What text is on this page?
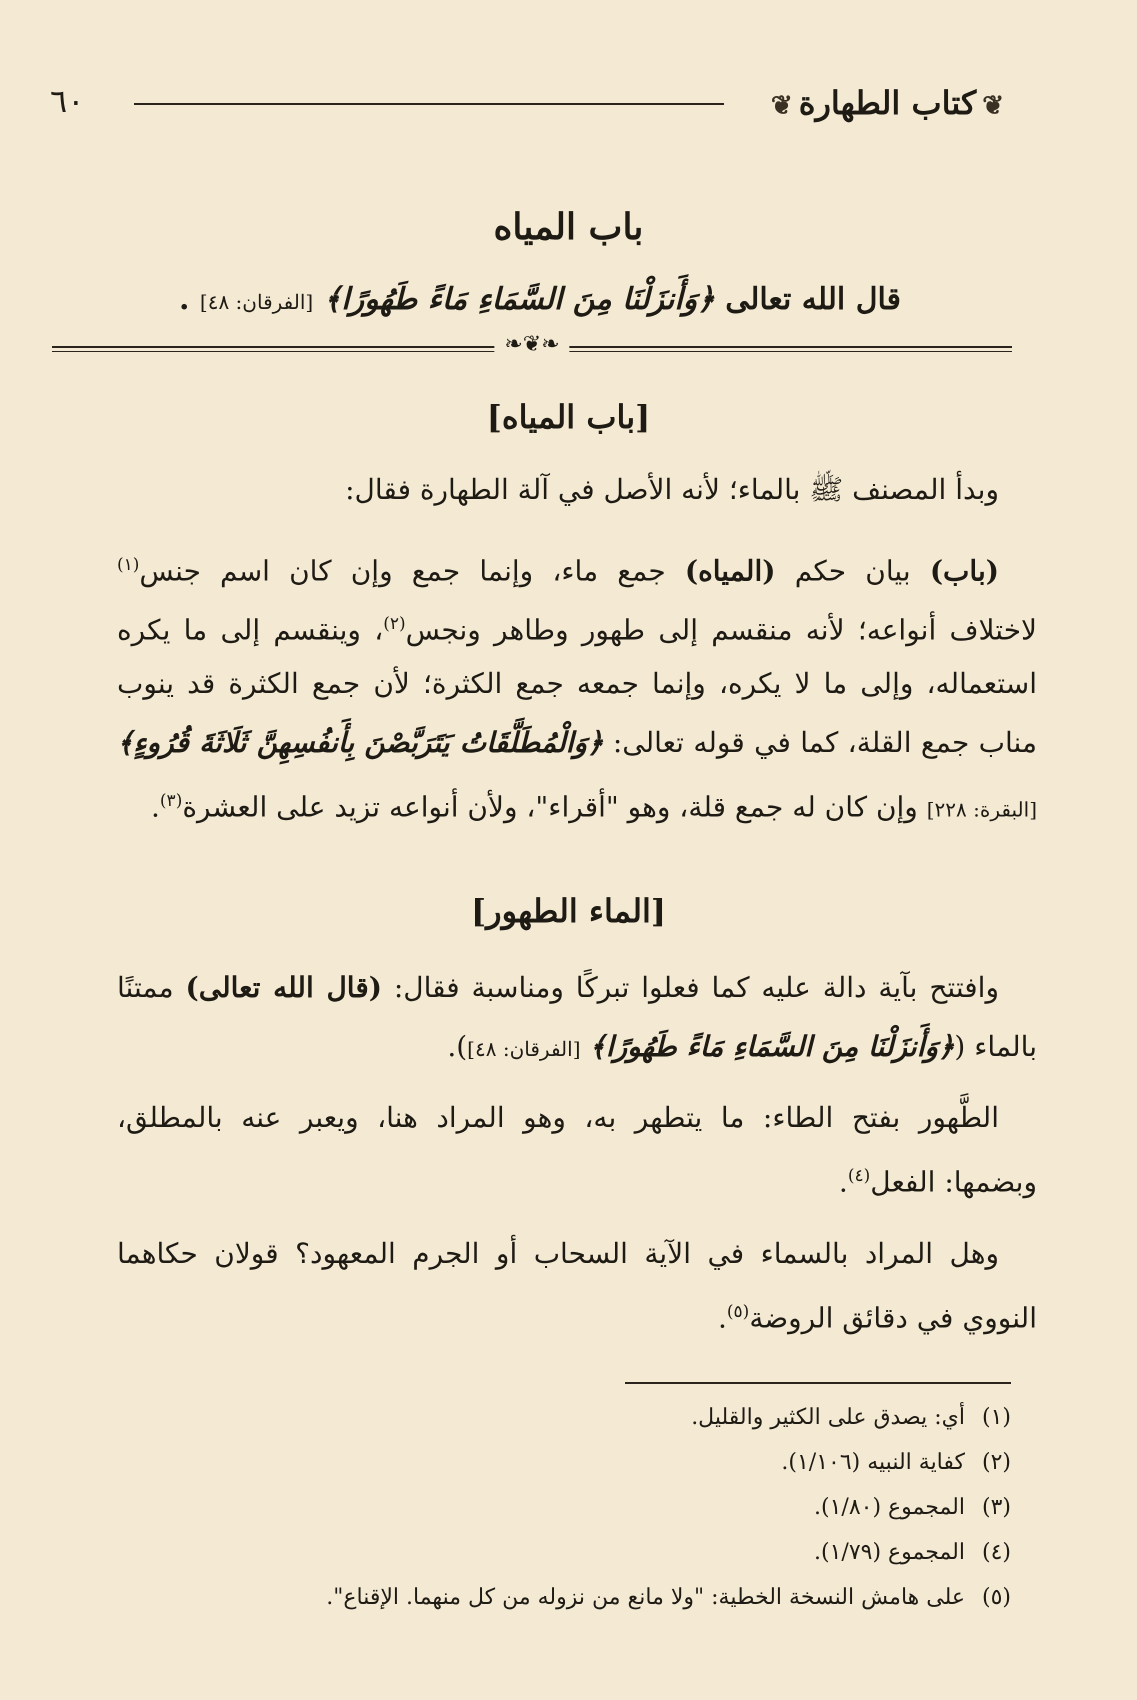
❦كتاب الطهارة❦
٦٠
باب المياه
قال الله تعالى ﴿وَأَنزَلْنَا مِنَ السَّمَاءِ مَاءً طَهُورًا﴾ [الفرقان: ٤٨] .
❧❦❧
[باب المياه]
وبدأ المصنف ﷺ بالماء؛ لأنه الأصل في آلة الطهارة فقال:
(باب) بيان حكم (المياه) جمع ماء، وإنما جمع وإن كان اسم جنس$^{(١)}$
لاختلاف أنواعه؛ لأنه منقسم إلى طهور وطاهر ونجس$^{(٢)}$، وينقسم إلى ما يكره
استعماله، وإلى ما لا يكره، وإنما جمعه جمع الكثرة؛ لأن جمع الكثرة قد ينوب
مناب جمع القلة، كما في قوله تعالى: ﴿وَالْمُطَلَّقَاتُ يَتَرَبَّصْنَ بِأَنفُسِهِنَّ ثَلَاثَةَ قُرُوءٍ﴾
[البقرة: ٢٢٨] وإن كان له جمع قلة، وهو "أقراء"، ولأن أنواعه تزيد على العشرة$^{(٣)}$.
[الماء الطهور]
وافتتح بآية دالة عليه كما فعلوا تبركًا ومناسبة فقال: (قال الله تعالى) ممتنًا
بالماء (﴿وَأَنزَلْنَا مِنَ السَّمَاءِ مَاءً طَهُورًا﴾ [الفرقان: ٤٨]).
الطَّهور بفتح الطاء: ما يتطهر به، وهو المراد هنا، ويعبر عنه بالمطلق،
وبضمها: الفعل$^{(٤)}$.
وهل المراد بالسماء في الآية السحاب أو الجرم المعهود؟ قولان حكاهما
النووي في دقائق الروضة$^{(٥)}$.
(١)أي: يصدق على الكثير والقليل.
(٢)كفاية النبيه (١/١٠٦).
(٣)المجموع (١/٨٠).
(٤)المجموع (١/٧٩).
(٥)على هامش النسخة الخطية: "ولا مانع من نزوله من كل منهما. الإقناع".
